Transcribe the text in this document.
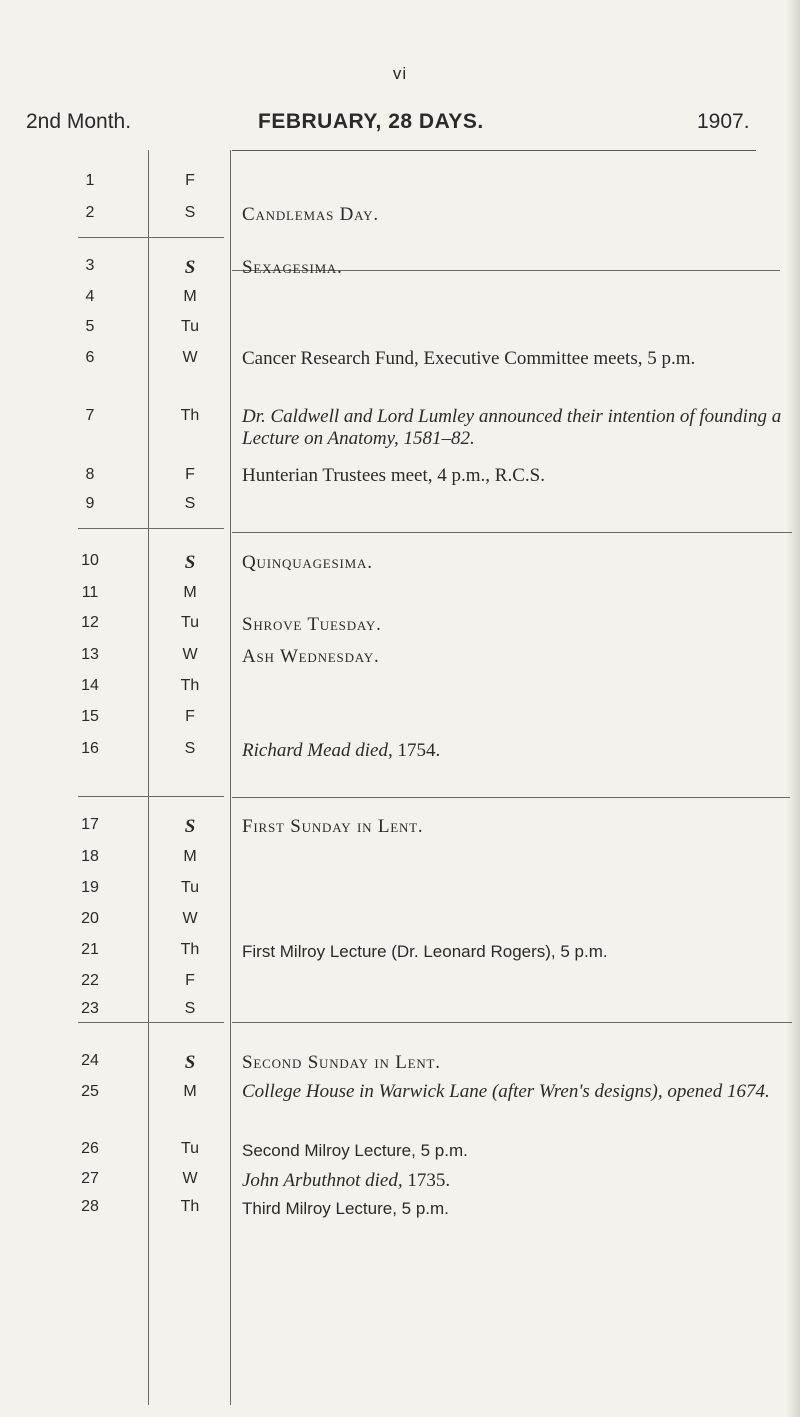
vi
2nd Month.	FEBRUARY, 28 DAYS.	1907.
1	F
2	S	Candlemas Day.
3	S	Sexagesima.
4	M
5	Tu
6	W	Cancer Research Fund, Executive Committee meets, 5 p.m.
7	Th	Dr. Caldwell and Lord Lumley announced their intention of founding a Lecture on Anatomy, 1581–82.
8	F	Hunterian Trustees meet, 4 p.m., R.C.S.
9	S
10	S	Quinquagesima.
11	M
12	Tu	Shrove Tuesday.
13	W	Ash Wednesday.
14	Th
15	F
16	S	Richard Mead died, 1754.
17	S	First Sunday in Lent.
18	M
19	Tu
20	W
21	Th	First Milroy Lecture (Dr. Leonard Rogers), 5 p.m.
22	F
23	S
24	S	Second Sunday in Lent.
25	M	College House in Warwick Lane (after Wren's designs), opened 1674.
26	Tu	Second Milroy Lecture, 5 p.m.
27	W	John Arbuthnot died, 1735.
28	Th	Third Milroy Lecture, 5 p.m.
